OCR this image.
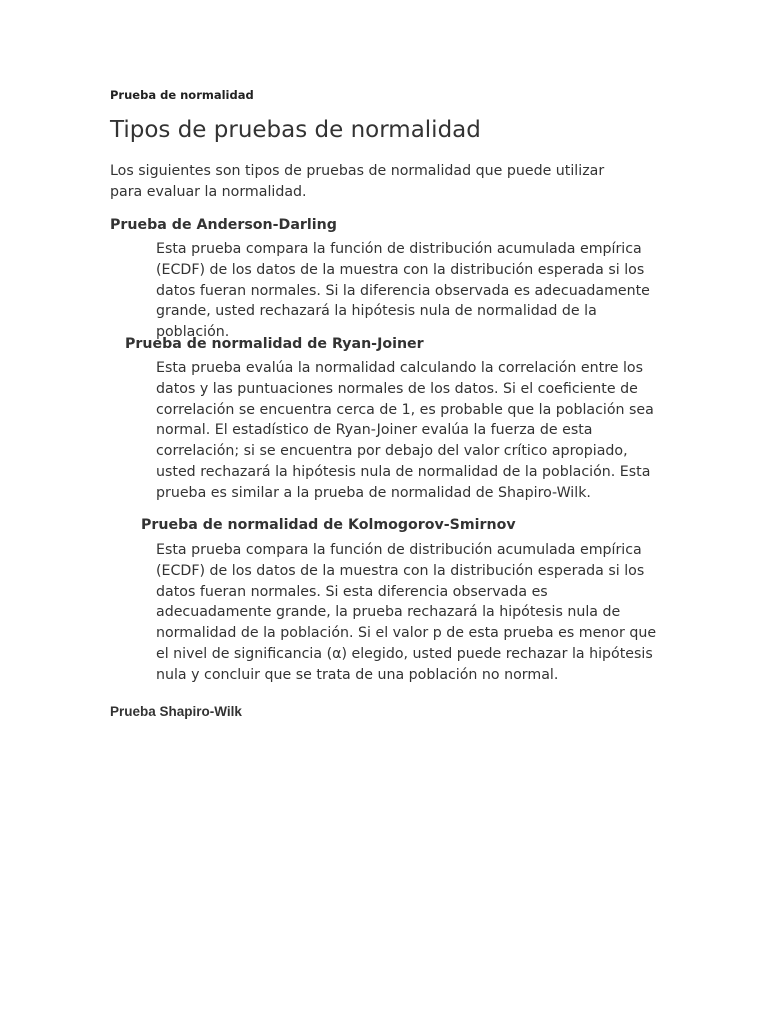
Prueba de normalidad
Tipos de pruebas de normalidad

Los siguientes son tipos de pruebas de normalidad que puede utilizar para evaluar la normalidad.

Prueba de Anderson-Darling

Esta prueba compara la función de distribución acumulada empírica (ECDF) de los datos de la muestra con la distribución esperada si los datos fueran normales. Si la diferencia observada es adecuadamente grande, usted rechazará la hipótesis nula de normalidad de la población.

Prueba de normalidad de Ryan-Joiner

Esta prueba evalúa la normalidad calculando la correlación entre los datos y las puntuaciones normales de los datos. Si el coeficiente de correlación se encuentra cerca de 1, es probable que la población sea normal. El estadístico de Ryan-Joiner evalúa la fuerza de esta correlación; si se encuentra por debajo del valor crítico apropiado, usted rechazará la hipótesis nula de normalidad de la población. Esta prueba es similar a la prueba de normalidad de Shapiro-Wilk.

Prueba de normalidad de Kolmogorov-Smirnov

Esta prueba compara la función de distribución acumulada empírica (ECDF) de los datos de la muestra con la distribución esperada si los datos fueran normales. Si esta diferencia observada es adecuadamente grande, la prueba rechazará la hipótesis nula de normalidad de la población. Si el valor p de esta prueba es menor que el nivel de significancia (α) elegido, usted puede rechazar la hipótesis nula y concluir que se trata de una población no normal.

Prueba Shapiro-Wilk
